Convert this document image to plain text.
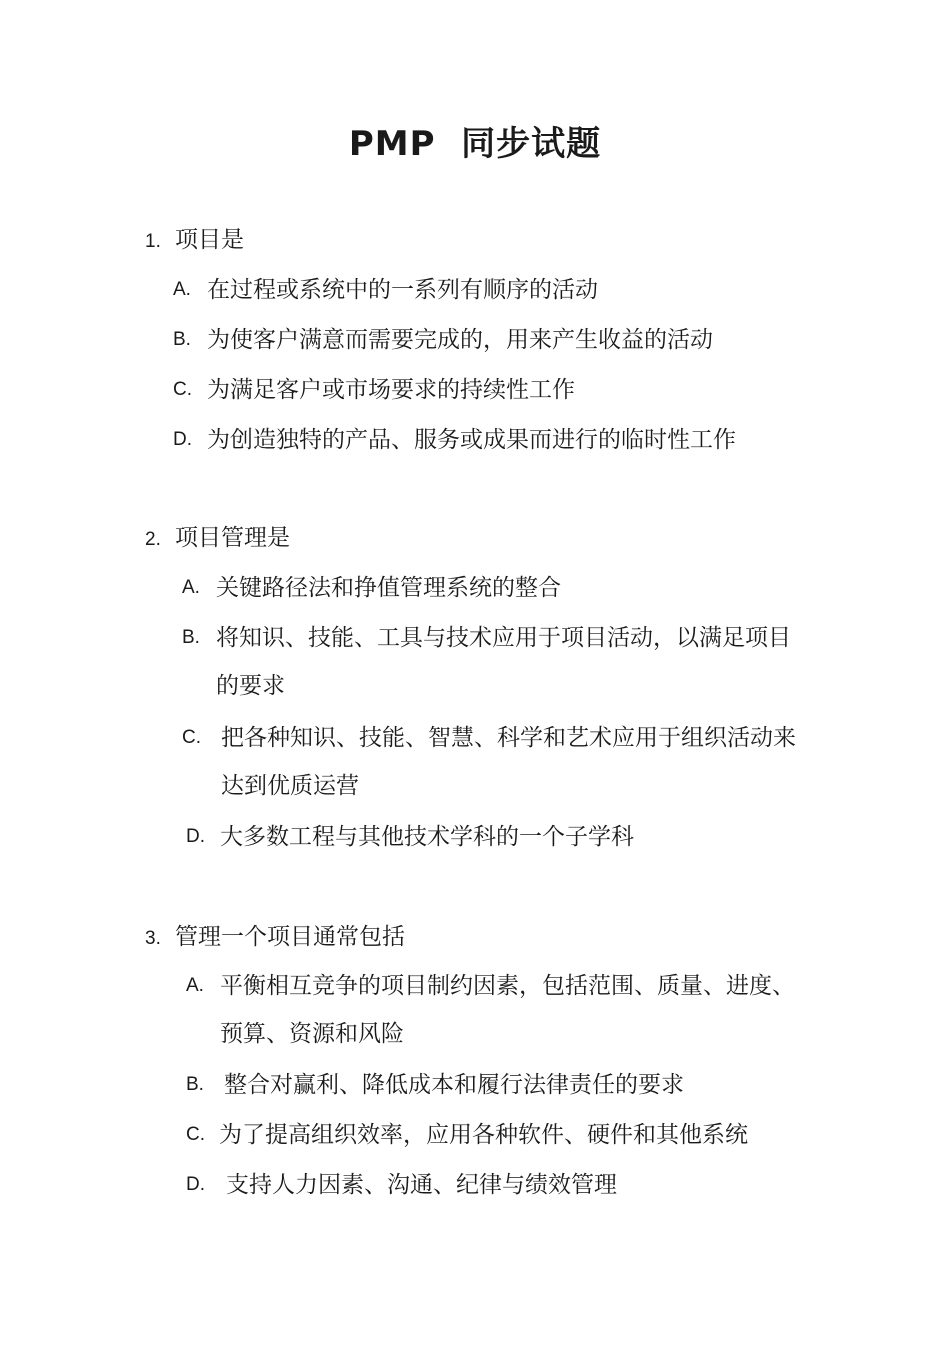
PMP  同步试题
1. 项目是
A. 在过程或系统中的一系列有顺序的活动
B. 为使客户满意而需要完成的，用来产生收益的活动
C. 为满足客户或市场要求的持续性工作
D. 为创造独特的产品、服务或成果而进行的临时性工作
2. 项目管理是
A. 关键路径法和挣值管理系统的整合
B. 将知识、技能、工具与技术应用于项目活动，以满足项目的要求
C. 把各种知识、技能、智慧、科学和艺术应用于组织活动来达到优质运营
D. 大多数工程与其他技术学科的一个子学科
3. 管理一个项目通常包括
A. 平衡相互竞争的项目制约因素，包括范围、质量、进度、预算、资源和风险
B. 整合对赢利、降低成本和履行法律责任的要求
C. 为了提高组织效率，应用各种软件、硬件和其他系统
D. 支持人力因素、沟通、纪律与绩效管理
